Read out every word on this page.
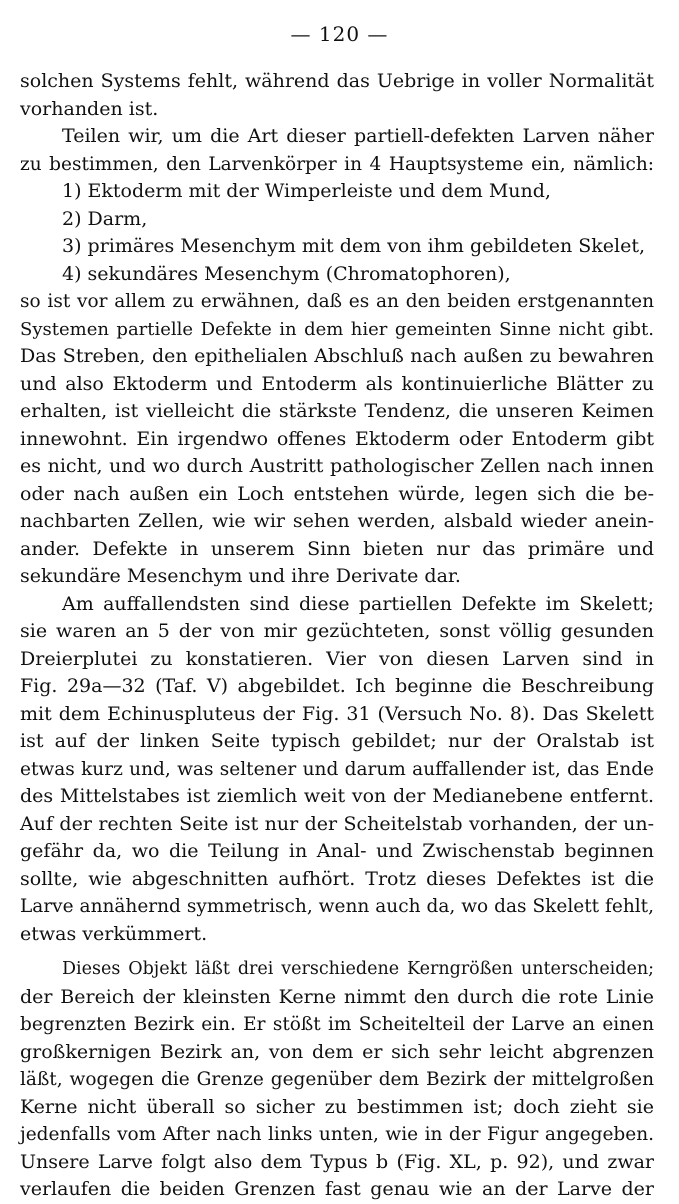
— 120 —
solchen Systems fehlt, während das Uebrige in voller Normalität
vorhanden ist.
Teilen wir, um die Art dieser partiell-defekten Larven näher
zu bestimmen, den Larvenkörper in 4 Hauptsysteme ein, nämlich:
1) Ektoderm mit der Wimperleiste und dem Mund,
2) Darm,
3) primäres Mesenchym mit dem von ihm gebildeten Skelet,
4) sekundäres Mesenchym (Chromatophoren),
so ist vor allem zu erwähnen, daß es an den beiden erstgenannten
Systemen partielle Defekte in dem hier gemeinten Sinne nicht gibt.
Das Streben, den epithelialen Abschluß nach außen zu bewahren
und also Ektoderm und Entoderm als kontinuierliche Blätter zu
erhalten, ist vielleicht die stärkste Tendenz, die unseren Keimen
innewohnt. Ein irgendwo offenes Ektoderm oder Entoderm gibt
es nicht, und wo durch Austritt pathologischer Zellen nach innen
oder nach außen ein Loch entstehen würde, legen sich die be-
nachbarten Zellen, wie wir sehen werden, alsbald wieder anein-
ander. Defekte in unserem Sinn bieten nur das primäre und
sekundäre Mesenchym und ihre Derivate dar.
Am auffallendsten sind diese partiellen Defekte im Skelett;
sie waren an 5 der von mir gezüchteten, sonst völlig gesunden
Dreierplutei zu konstatieren. Vier von diesen Larven sind in
Fig. 29a—32 (Taf. V) abgebildet. Ich beginne die Beschreibung
mit dem Echinuspluteus der Fig. 31 (Versuch No. 8). Das Skelett
ist auf der linken Seite typisch gebildet; nur der Oralstab ist
etwas kurz und, was seltener und darum auffallender ist, das Ende
des Mittelstabes ist ziemlich weit von der Medianebene entfernt.
Auf der rechten Seite ist nur der Scheitelstab vorhanden, der un-
gefähr da, wo die Teilung in Anal- und Zwischenstab beginnen
sollte, wie abgeschnitten aufhört. Trotz dieses Defektes ist die
Larve annähernd symmetrisch, wenn auch da, wo das Skelett fehlt,
etwas verkümmert.
Dieses Objekt läßt drei verschiedene Kerngrößen unterscheiden;
der Bereich der kleinsten Kerne nimmt den durch die rote Linie
begrenzten Bezirk ein. Er stößt im Scheitelteil der Larve an einen
großkernigen Bezirk an, von dem er sich sehr leicht abgrenzen
läßt, wogegen die Grenze gegenüber dem Bezirk der mittelgroßen
Kerne nicht überall so sicher zu bestimmen ist; doch zieht sie
jedenfalls vom After nach links unten, wie in der Figur angegeben.
Unsere Larve folgt also dem Typus b (Fig. XL, p. 92), und zwar
verlaufen die beiden Grenzen fast genau wie an der Larve der
